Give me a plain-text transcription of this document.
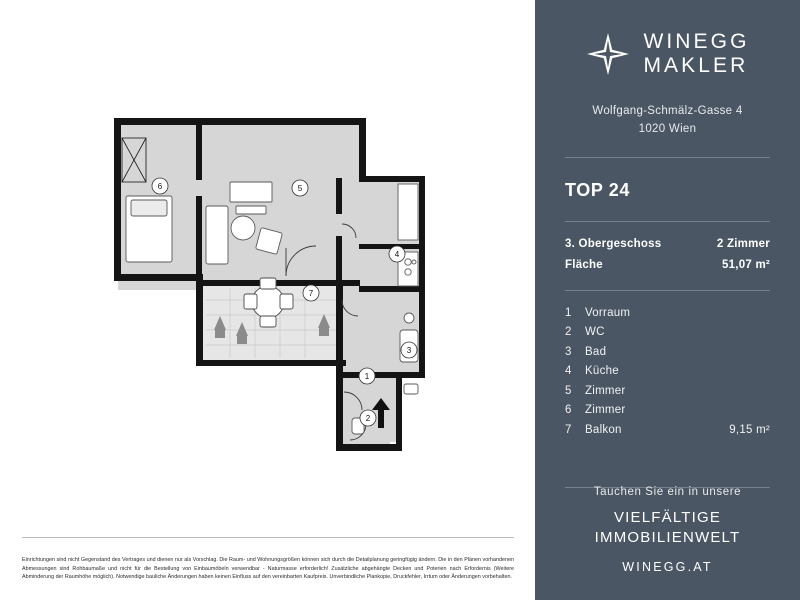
6	5
4
7
3
1
2
Einrichtungen sind nicht Gegenstand des Vertrages und dienen nur als Vorschlag. Die Raum- und Wohnungsgrößen können sich durch die Detailplanung geringfügig ändern. Die in den Plänen vorhandenen Abmessungen sind Rohbaumaße und nicht für die Bestellung von Einbaumöbeln verwendbar - Naturmasse erforderlich! Zusätzliche abgehängte Decken und Poterien nach Erfordernis (Weitere Abminderung der Raumhöhe möglich). Notwendige bauliche Änderungen haben keinen Einfluss auf den vereinbarten Kaufpreis. Unverbindliche Plankopie, Druckfehler, Irrtum oder Änderungen vorbehalten.
WINEGG
MAKLER
Wolfgang-Schmälz-Gasse 4
1020 Wien
TOP 24
3. Obergeschoss	2 Zimmer
Fläche	51,07 m²
1	Vorraum
2	WC
3	Bad
4	Küche
5	Zimmer
6	Zimmer
7	Balkon	9,15 m²
Tauchen Sie ein in unsere
VIELFÄLTIGE
IMMOBILIENWELT
WINEGG.AT
